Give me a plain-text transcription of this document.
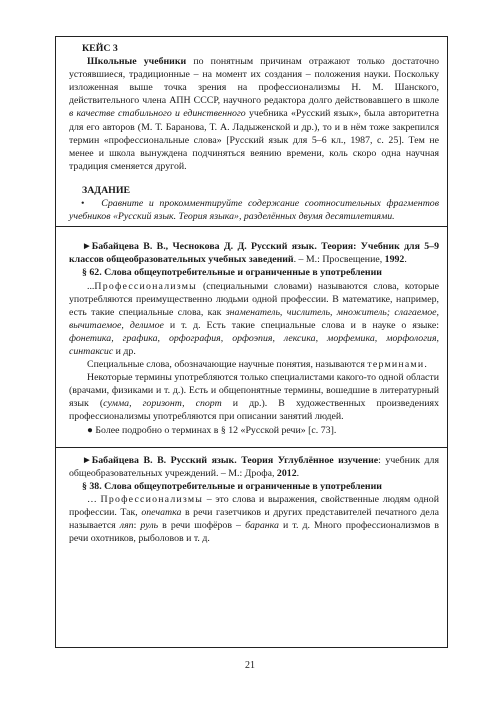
КЕЙС 3

Школьные учебники по понятным причинам отражают только достаточно устоявшиеся, традиционные – на момент их создания – положения науки. Поскольку изложенная выше точка зрения на профессионализмы Н. М. Шанского, действительного члена АПН СССР, научного редактора долго действовавшего в школе в качестве стабильного и единственного учебника «Русский язык», была авторитетна для его авторов (М. Т. Баранова, Т. А. Ладыженской и др.), то и в нём тоже закрепился термин «профессиональные слова» [Русский язык для 5–6 кл., 1987, с. 25]. Тем не менее и школа вынуждена подчиняться веянию времени, коль скоро одна научная традиция сменяется другой.

ЗАДАНИЕ

• Сравните и прокомментируйте содержание соотносительных фрагментов учебников «Русский язык. Теория языка», разделённых двумя десятилетиями.

►Бабайцева В. В., Чеснокова Д. Д. Русский язык. Теория: Учебник для 5–9 классов общеобразовательных учебных заведений. – М.: Просвещение, 1992.

§ 62. Слова общеупотребительные и ограниченные в употреблении

...Профессионализмы (специальными словами) называются слова, которые употребляются преимущественно людьми одной профессии. В математике, например, есть такие специальные слова, как знаменатель, числитель, множитель; слагаемое, вычитаемое, делимое и т. д. Есть такие специальные слова и в науке о языке: фонетика, графика, орфография, орфоэпия, лексика, морфемика, морфология, синтаксис и др.

Специальные слова, обозначающие научные понятия, называются терминами.

Некоторые термины употребляются только специалистами какого-то одной области (врачами, физиками и т. д.). Есть и общепонятные термины, вошедшие в литературный язык (сумма, горизонт, спорт и др.). В художественных произведениях профессионализмы употребляются при описании занятий людей.

● Более подробно о терминах в § 12 «Русской речи» [с. 73].

►Бабайцева В. В. Русский язык. Теория Углублённое изучение: учебник для общеобразовательных учреждений. – М.: Дрофа, 2012.

§ 38. Слова общеупотребительные и ограниченные в употреблении

… Профессионализмы – это слова и выражения, свойственные людям одной профессии. Так, опечатка в речи газетчиков и других представителей печатного дела называется ляп: руль в речи шофёров – баранка и т. д. Много профессионализмов в речи охотников, рыболовов и т. д.

21
